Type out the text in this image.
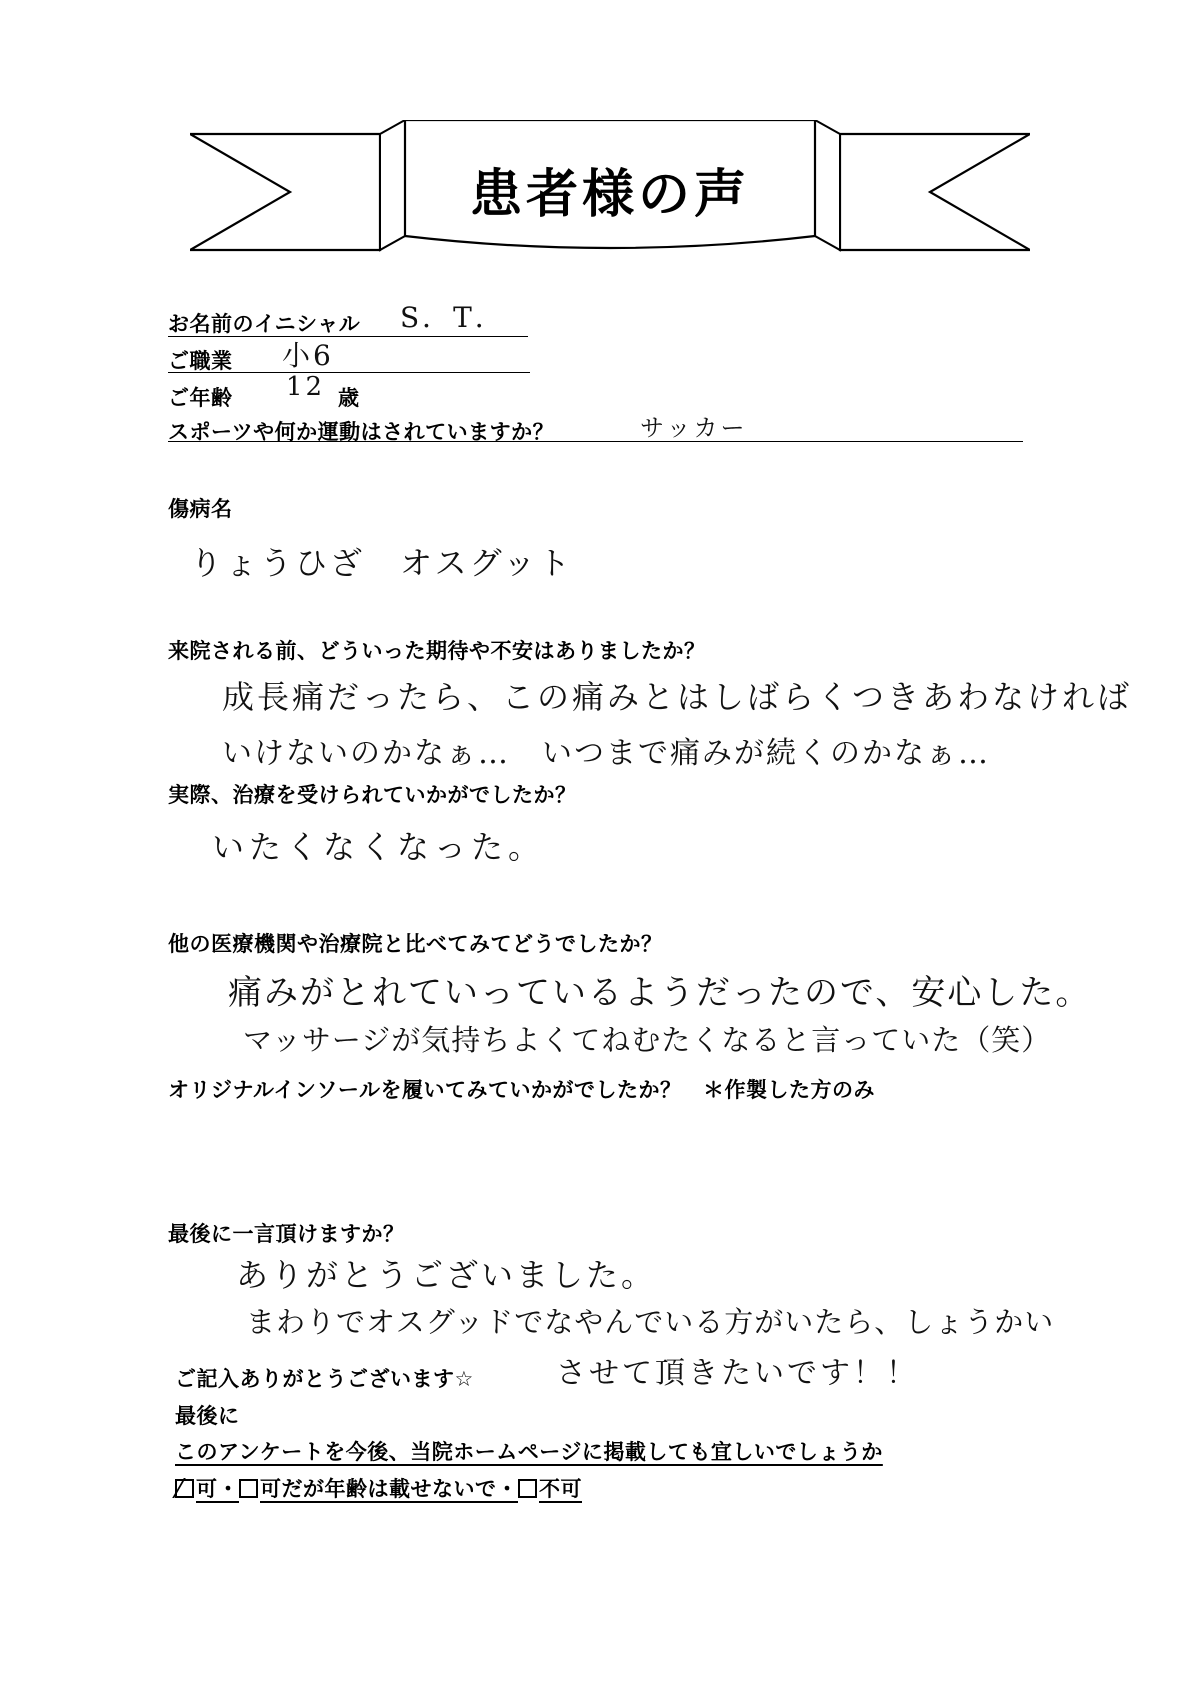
患者様の声
お名前のイニシャル S．T．
ご職業 小6
ご年齢 12 歳
スポーツや何か運動はされていますか？	サッカー
傷病名
りょうひざ　オスグット
来院される前、どういった期待や不安はありましたか？
成長痛だったら、この痛みとはしばらくつきあわなければ
いけないのかなぁ…　いつまで痛みが続くのかなぁ…
実際、治療を受けられていかがでしたか？
いたくなくなった。
他の医療機関や治療院と比べてみてどうでしたか？
痛みがとれていっているようだったので、安心した。
マッサージが気持ちよくてねむたくなると言っていた（笑）
オリジナルインソールを履いてみていかがでしたか？　＊作製した方のみ
最後に一言頂けますか？
ありがとうございました。
まわりでオスグッドでなやんでいる方がいたら、しょうかい
させて頂きたいです！！
ご記入ありがとうございます☆
最後に
このアンケートを今後、当院ホームページに掲載しても宜しいでしょうか
可・ 可だが年齢は載せないで・ 不可
